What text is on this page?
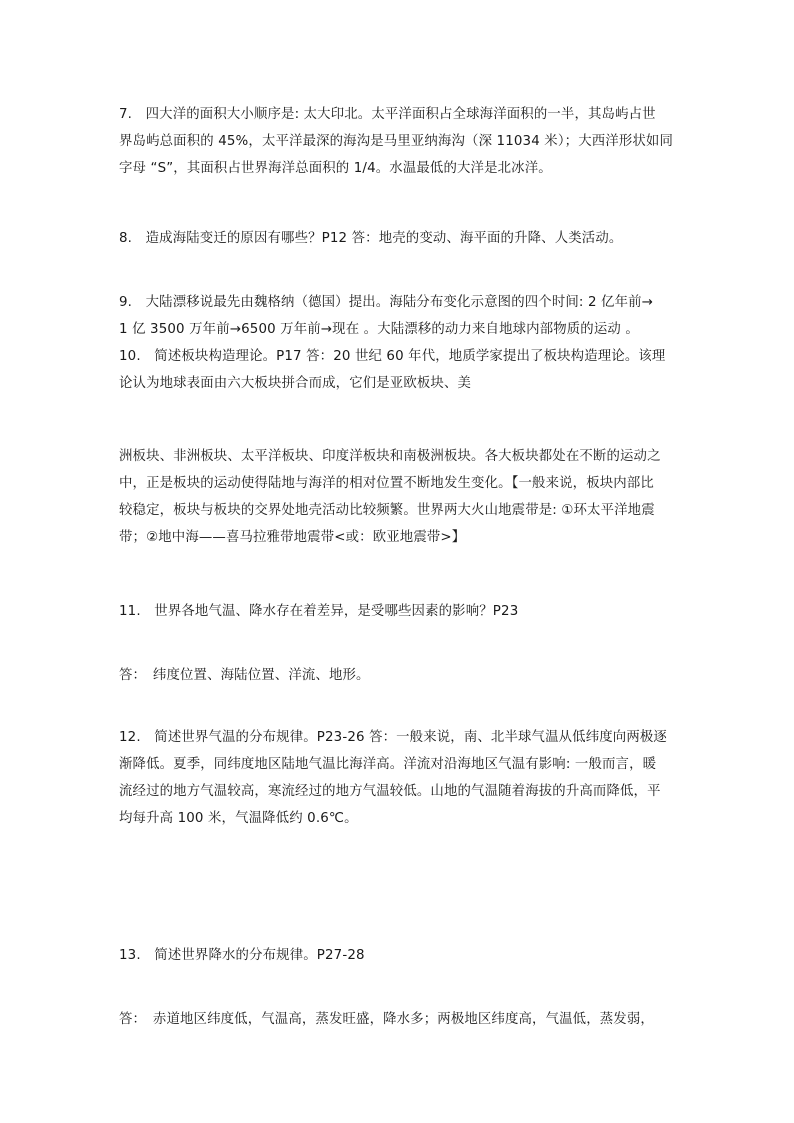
7.　四大洋的面积大小顺序是: 太大印北。太平洋面积占全球海洋面积的一半，其岛屿占世
界岛屿总面积的 45%，太平洋最深的海沟是马里亚纳海沟（深 11034 米）；大西洋形状如同
字母 “S”，其面积占世界海洋总面积的 1/4。水温最低的大洋是北冰洋。
8.　造成海陆变迁的原因有哪些？P12 答：地壳的变动、海平面的升降、人类活动。
9.　大陆漂移说最先由魏格纳（德国）提出。海陆分布变化示意图的四个时间: 2 亿年前→
1 亿 3500 万年前→6500 万年前→现在 。大陆漂移的动力来自地球内部物质的运动 。
10.　简述板块构造理论。P17 答：20 世纪 60 年代，地质学家提出了板块构造理论。该理
论认为地球表面由六大板块拼合而成，它们是亚欧板块、美
洲板块、非洲板块、太平洋板块、印度洋板块和南极洲板块。各大板块都处在不断的运动之
中，正是板块的运动使得陆地与海洋的相对位置不断地发生变化。【一般来说，板块内部比
较稳定，板块与板块的交界处地壳活动比较频繁。世界两大火山地震带是: ①环太平洋地震
带；②地中海——喜马拉雅带地震带<或：欧亚地震带>】
11.　世界各地气温、降水存在着差异，是受哪些因素的影响？P23
答：　纬度位置、海陆位置、洋流、地形。
12.　简述世界气温的分布规律。P23-26 答：一般来说，南、北半球气温从低纬度向两极逐
渐降低。夏季，同纬度地区陆地气温比海洋高。洋流对沿海地区气温有影响: 一般而言，暖
流经过的地方气温较高，寒流经过的地方气温较低。山地的气温随着海拔的升高而降低，平
均每升高 100 米，气温降低约 0.6℃。
13.　简述世界降水的分布规律。P27-28
答：　赤道地区纬度低，气温高，蒸发旺盛，降水多；两极地区纬度高，气温低，蒸发弱，
